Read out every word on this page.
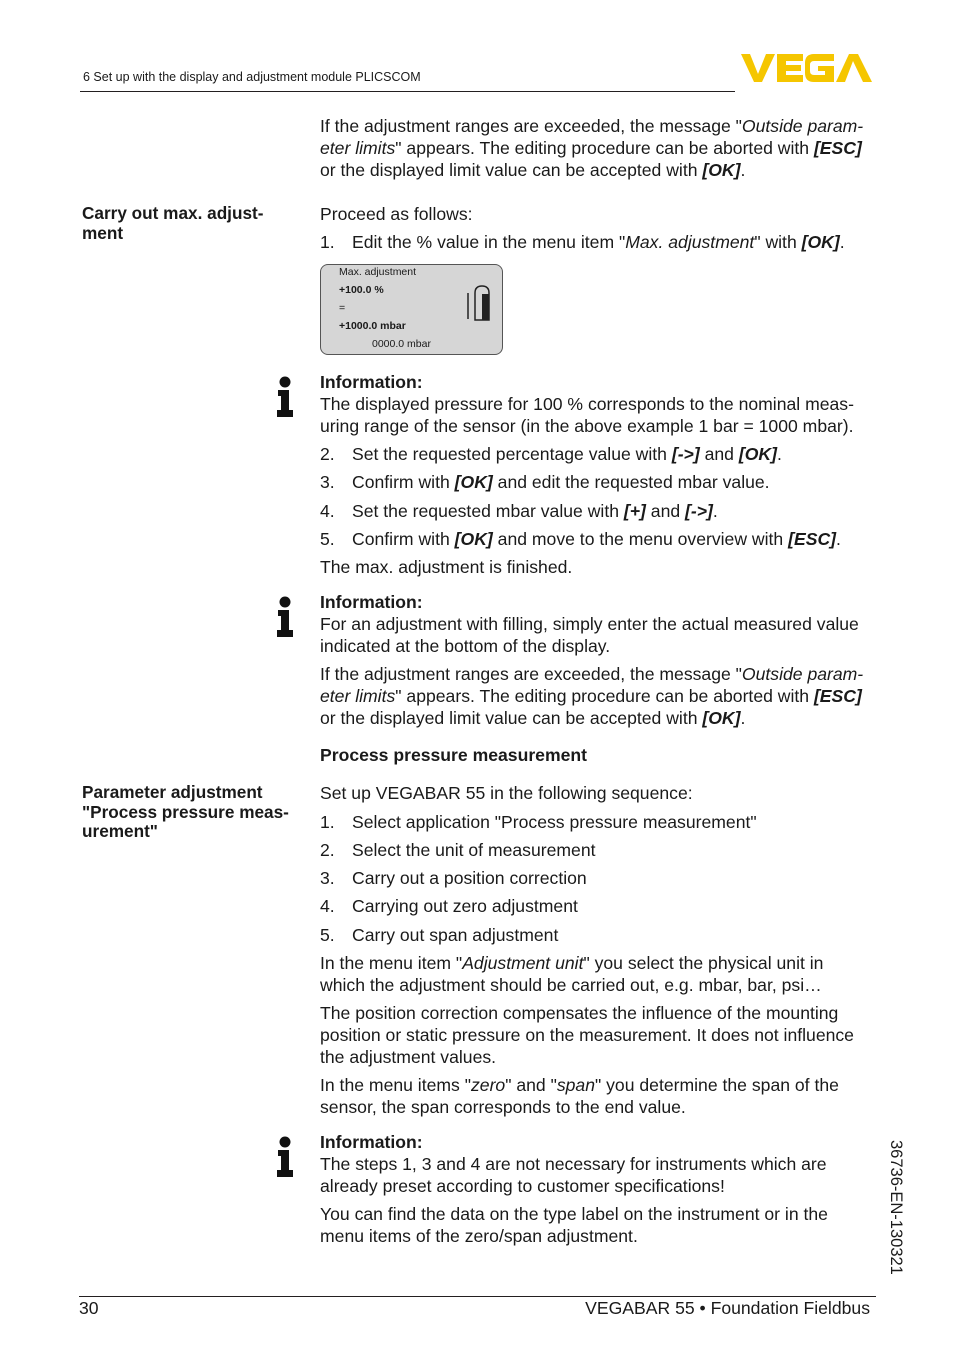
6 Set up with the display and adjustment module PLICSCOM
If the adjustment ranges are exceeded, the message "Outside param-
eter limits" appears. The editing procedure can be aborted with [ESC]
or the displayed limit value can be accepted with [OK].
Carry out max. adjust-
ment
Proceed as follows:
1. Edit the % value in the menu item "Max. adjustment" with [OK].
Max. adjustment
+100.0 %
=
+1000.0 mbar
0000.0 mbar
Information:
The displayed pressure for 100 % corresponds to the nominal meas-
uring range of the sensor (in the above example 1 bar = 1000 mbar).
2. Set the requested percentage value with [->] and [OK].
3. Confirm with [OK] and edit the requested mbar value.
4. Set the requested mbar value with [+] and [->].
5. Confirm with [OK] and move to the menu overview with [ESC].
The max. adjustment is finished.
Information:
For an adjustment with filling, simply enter the actual measured value
indicated at the bottom of the display.
If the adjustment ranges are exceeded, the message "Outside param-
eter limits" appears. The editing procedure can be aborted with [ESC]
or the displayed limit value can be accepted with [OK].
Process pressure measurement
Parameter adjustment
"Process pressure meas-
urement"
Set up VEGABAR 55 in the following sequence:
1. Select application "Process pressure measurement"
2. Select the unit of measurement
3. Carry out a position correction
4. Carrying out zero adjustment
5. Carry out span adjustment
In the menu item "Adjustment unit" you select the physical unit in
which the adjustment should be carried out, e.g. mbar, bar, psi…
The position correction compensates the influence of the mounting
position or static pressure on the measurement. It does not influence
the adjustment values.
In the menu items "zero" and "span" you determine the span of the
sensor, the span corresponds to the end value.
Information:
The steps 1, 3 and 4 are not necessary for instruments which are
already preset according to customer specifications!
You can find the data on the type label on the instrument or in the
menu items of the zero/span adjustment.	36736-EN-130321
30	VEGABAR 55 • Foundation Fieldbus
